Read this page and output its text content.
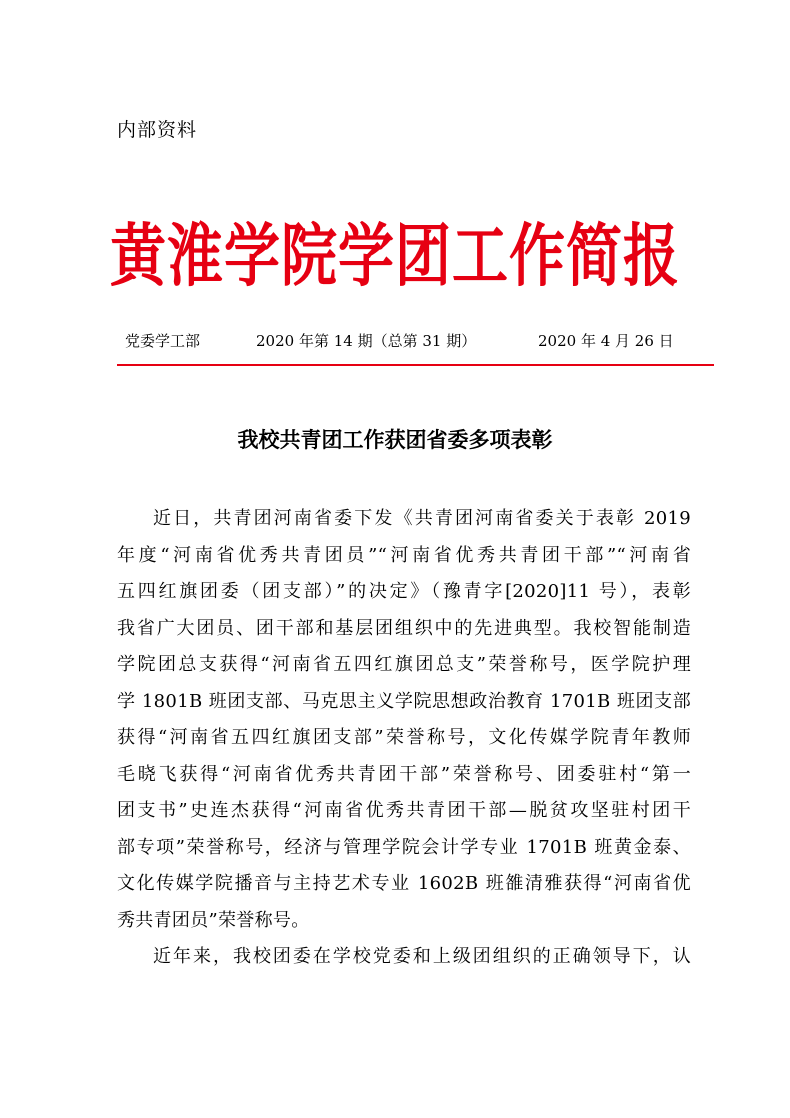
内部资料
黄淮学院学团工作简报

党委学工部

	2020 年第 14 期（总第 31 期）

	2020 年 4 月 26 日

我校共青团工作获团省委多项表彰

近日，共青团河南省委下发《共青团河南省委关于表彰 2019
年度“河南省优秀共青团员”“河南省优秀共青团干部”“河南省
五四红旗团委（团支部）”的决定》（豫青字[2020]11 号），表彰
我省广大团员、团干部和基层团组织中的先进典型。我校智能制造
学院团总支获得“河南省五四红旗团总支”荣誉称号，医学院护理
学 1801B 班团支部、马克思主义学院思想政治教育 1701B 班团支部
获得“河南省五四红旗团支部”荣誉称号，文化传媒学院青年教师
毛晓飞获得“河南省优秀共青团干部”荣誉称号、团委驻村“第一
团支书”史连杰获得“河南省优秀共青团干部—脱贫攻坚驻村团干
部专项”荣誉称号，经济与管理学院会计学专业 1701B 班黄金泰、
文化传媒学院播音与主持艺术专业 1602B 班雒清雅获得“河南省优
秀共青团员”荣誉称号。

近年来，我校团委在学校党委和上级团组织的正确领导下，认
